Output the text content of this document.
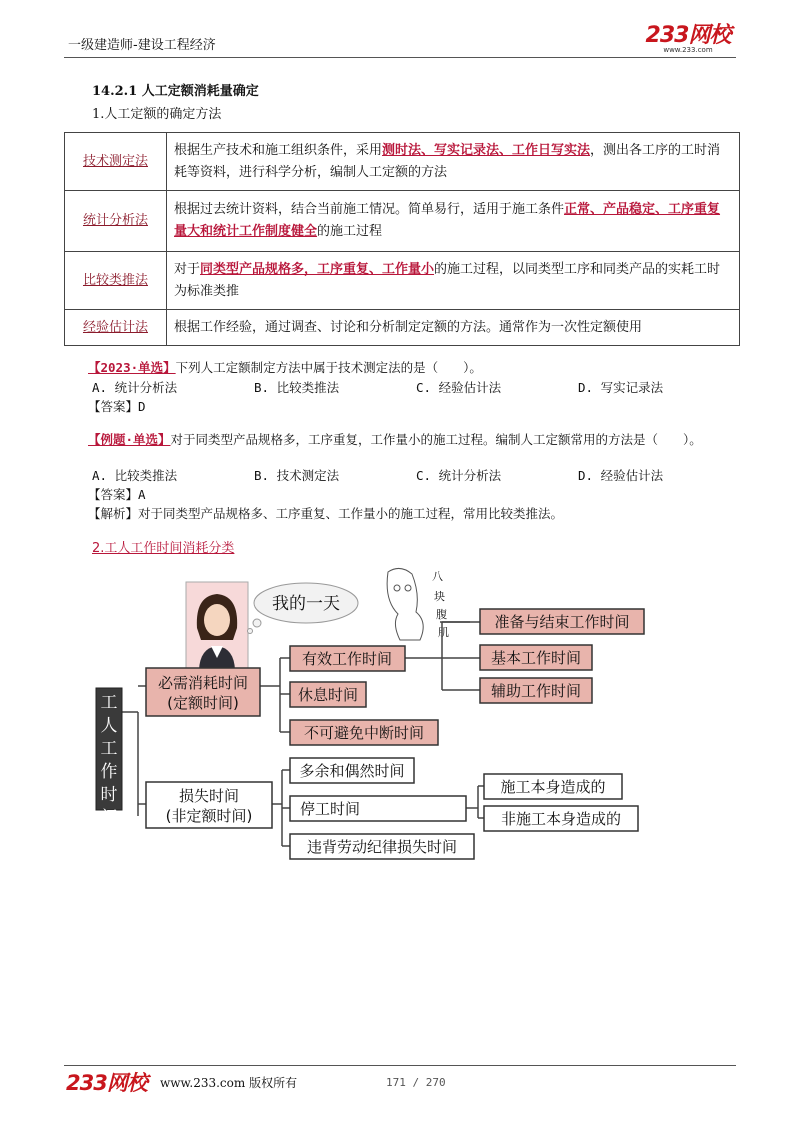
一级建造师-建设工程经济	233网校
www.233.com
14.2.1 人工定额消耗量确定
1.人工定额的确定方法
技术测定法	根据生产技术和施工组织条件，采用测时法、写实记录法、工作日写实法，测出各工序的工时消耗等资料，进行科学分析，编制人工定额的方法
统计分析法	根据过去统计资料，结合当前施工情况。简单易行，适用于施工条件正常、产品稳定、工序重复量大和统计工作制度健全的施工过程
比较类推法	对于同类型产品规格多，工序重复、工作量小的施工过程，以同类型工序和同类产品的实耗工时为标准类推
经验估计法	根据工作经验，通过调查、讨论和分析制定定额的方法。通常作为一次性定额使用
【2023·单选】下列人工定额制定方法中属于技术测定法的是（　　）。
A. 统计分析法	B. 比较类推法	C. 经验估计法	D. 写实记录法
【答案】D
【例题·单选】对于同类型产品规格多，工序重复，工作量小的施工过程。编制人工定额常用的方法是（　　）。
A. 比较类推法	B. 技术测定法	C. 统计分析法	D. 经验估计法
【答案】A
【解析】对于同类型产品规格多、工序重复、工作量小的施工过程，常用比较类推法。
2.工人工作时间消耗分类
我的一天
八
块
腹
肌
工
人
工
作
时
间
必需消耗时间
(定额时间)
有效工作时间
休息时间
不可避免中断时间
准备与结束工作时间
基本工作时间
辅助工作时间
损失时间
(非定额时间)
多余和偶然时间
停工时间
违背劳动纪律损失时间
施工本身造成的
非施工本身造成的
233网校 www.233.com 版权所有	171 / 270
